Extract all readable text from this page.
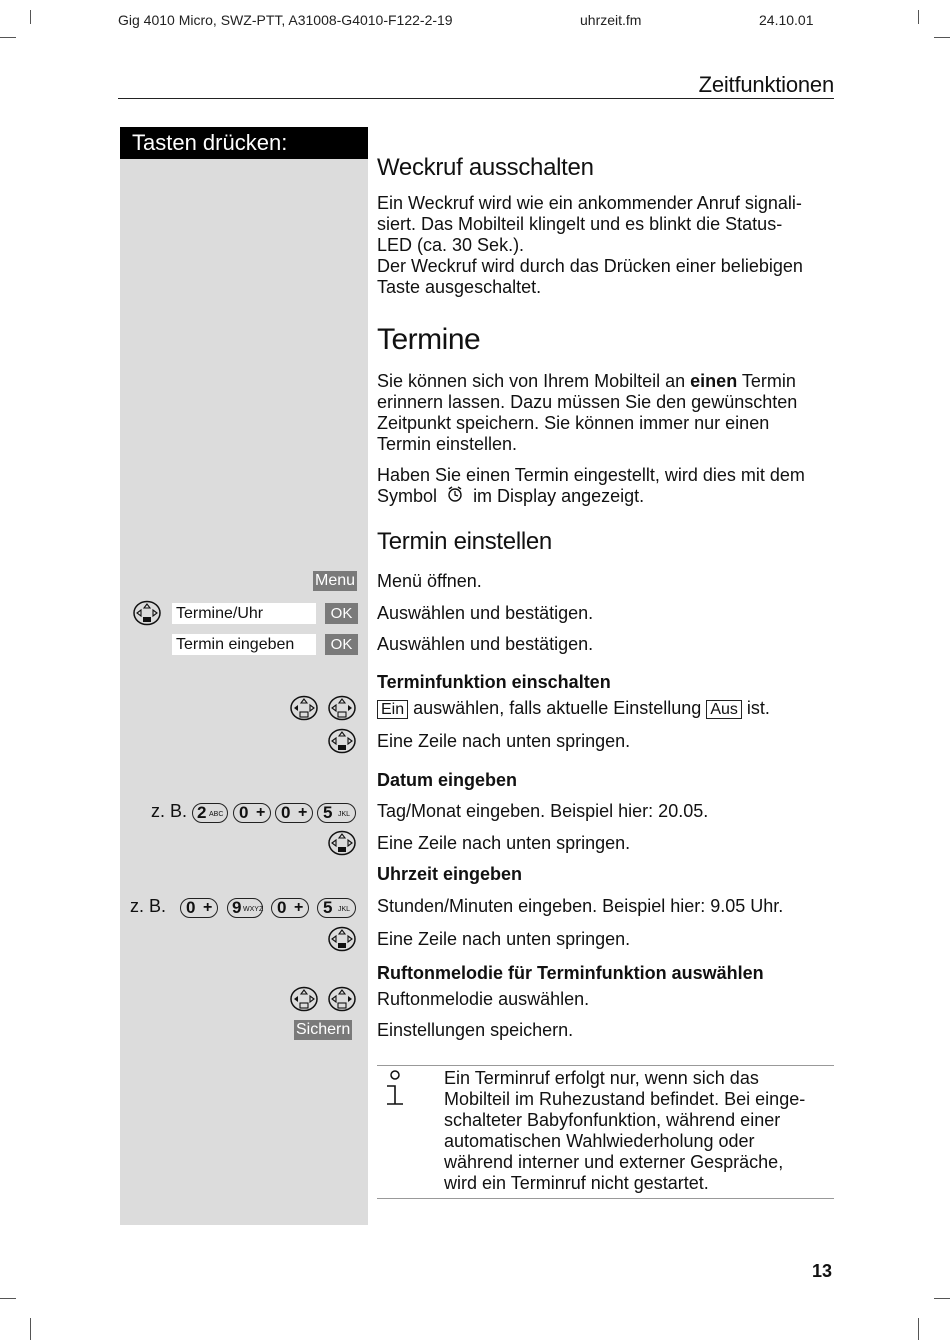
Gig 4010 Micro, SWZ-PTT, A31008-G4010-F122-2-19	uhrzeit.fm	24.10.01
Zeitfunktionen
Tasten drücken:
Weckruf ausschalten
Ein Weckruf wird wie ein ankommender Anruf signali-
siert. Das Mobilteil klingelt und es blinkt die Status-
LED (ca. 30 Sek.).
Der Weckruf wird durch das Drücken einer beliebigen
Taste ausgeschaltet.
Termine
Sie können sich von Ihrem Mobilteil an einen Termin
erinnern lassen. Dazu müssen Sie den gewünschten
Zeitpunkt speichern. Sie können immer nur einen
Termin einstellen.
Haben Sie einen Termin eingestellt, wird dies mit dem
Symbol im Display angezeigt.
Termin einstellen
Menu Menü öffnen.
Termine/Uhr	OK	Auswählen und bestätigen.
Termin eingeben	OK	Auswählen und bestätigen.
Terminfunktion einschalten
Ein auswählen, falls aktuelle Einstellung Aus ist.
Eine Zeile nach unten springen.
Datum eingeben
z. B. 2 ABC 0 + 0 + 5 JKL Tag/Monat eingeben. Beispiel hier: 20.05.
Eine Zeile nach unten springen.
Uhrzeit eingeben
z. B. 0 + 9 WXYZ 0 + 5 JKL Stunden/Minuten eingeben. Beispiel hier: 9.05 Uhr.
Eine Zeile nach unten springen.
Ruftonmelodie für Terminfunktion auswählen
Ruftonmelodie auswählen.
Sichern Einstellungen speichern.
Ein Terminruf erfolgt nur, wenn sich das
Mobilteil im Ruhezustand befindet. Bei einge-
schalteter Babyfonfunktion, während einer
automatischen Wahlwiederholung oder
während interner und externer Gespräche,
wird ein Terminruf nicht gestartet.
13
